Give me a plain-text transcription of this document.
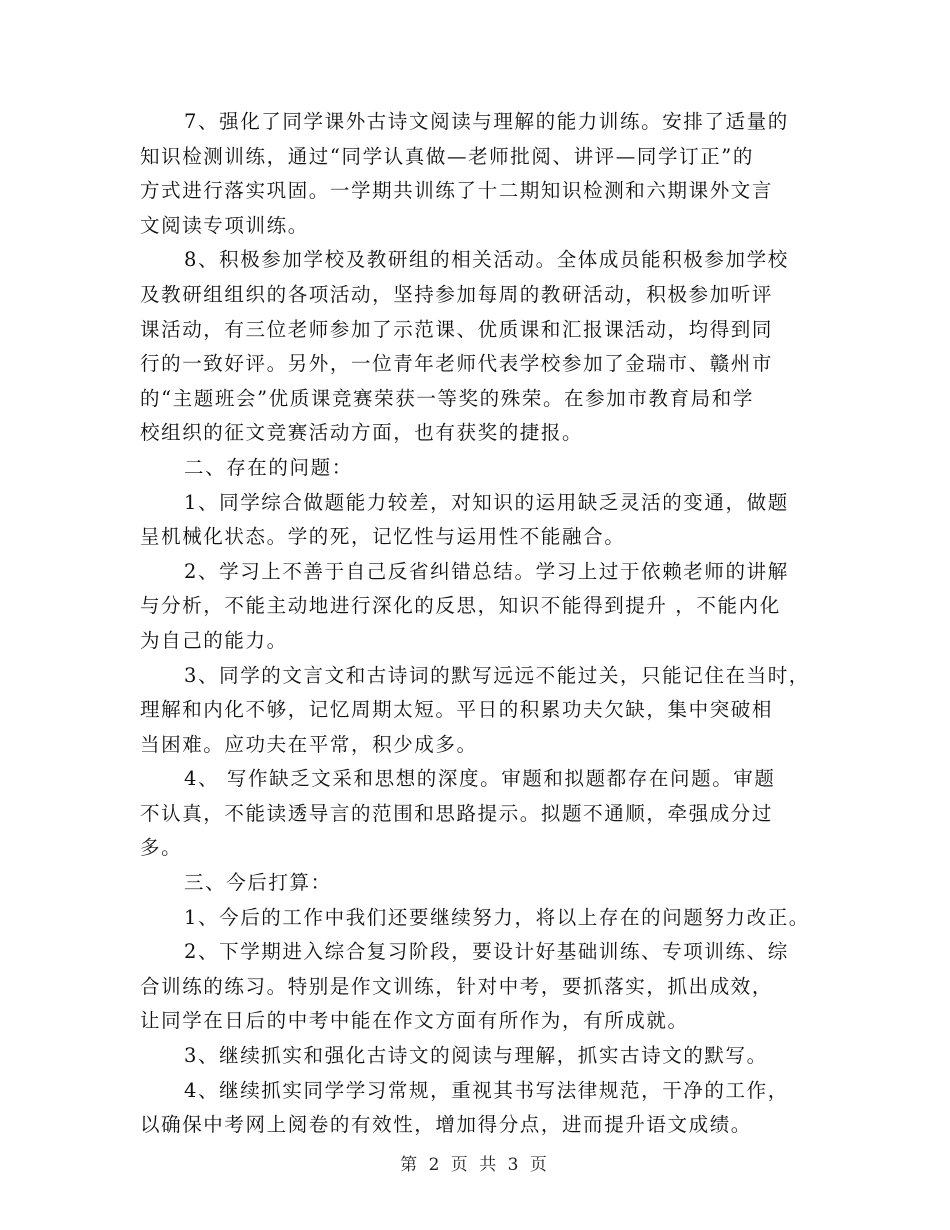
7、强化了同学课外古诗文阅读与理解的能力训练。安排了适量的
知识检测训练，通过“同学认真做—老师批阅、讲评—同学订正”的
方式进行落实巩固。一学期共训练了十二期知识检测和六期课外文言
文阅读专项训练。
8、积极参加学校及教研组的相关活动。全体成员能积极参加学校
及教研组组织的各项活动，坚持参加每周的教研活动，积极参加听评
课活动，有三位老师参加了示范课、优质课和汇报课活动，均得到同
行的一致好评。另外，一位青年老师代表学校参加了金瑞市、赣州市
的“主题班会”优质课竞赛荣获一等奖的殊荣。在参加市教育局和学
校组织的征文竞赛活动方面，也有获奖的捷报。
二、存在的问题：
1、同学综合做题能力较差，对知识的运用缺乏灵活的变通，做题
呈机械化状态。学的死，记忆性与运用性不能融合。
2、学习上不善于自己反省纠错总结。学习上过于依赖老师的讲解
与分析，不能主动地进行深化的反思，知识不能得到提升 ，不能内化
为自己的能力。
3、同学的文言文和古诗词的默写远远不能过关，只能记住在当时，
理解和内化不够，记忆周期太短。平日的积累功夫欠缺，集中突破相
当困难。应功夫在平常，积少成多。
4、 写作缺乏文采和思想的深度。审题和拟题都存在问题。审题
不认真，不能读透导言的范围和思路提示。拟题不通顺，牵强成分过
多。
三、今后打算：
1、今后的工作中我们还要继续努力，将以上存在的问题努力改正。
2、下学期进入综合复习阶段，要设计好基础训练、专项训练、综
合训练的练习。特别是作文训练，针对中考，要抓落实，抓出成效，
让同学在日后的中考中能在作文方面有所作为，有所成就。
3、继续抓实和强化古诗文的阅读与理解，抓实古诗文的默写。
4、继续抓实同学学习常规，重视其书写法律规范，干净的工作，
以确保中考网上阅卷的有效性，增加得分点，进而提升语文成绩。
第 2 页 共 3 页
